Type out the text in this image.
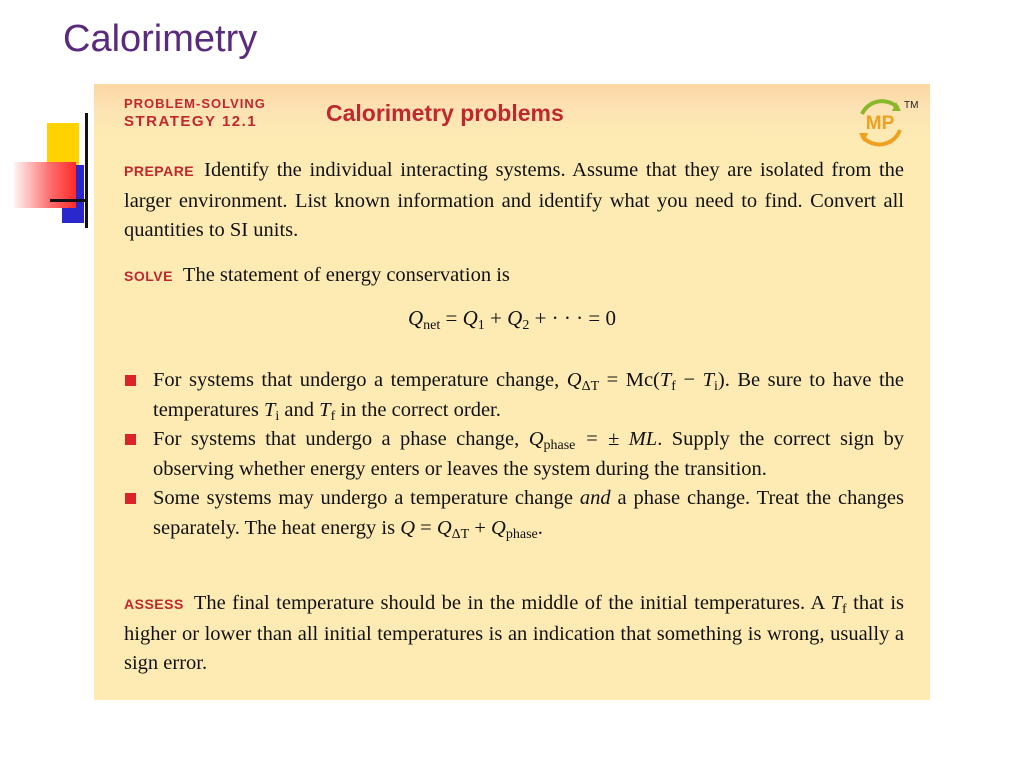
Calorimetry
PROBLEM-SOLVING
STRATEGY 12.1	Calorimetry problems	MP
TM
PREPARE Identify the individual interacting systems. Assume that they are isolated from the larger environment. List known information and identify what you need to find. Convert all quantities to SI units.
SOLVE The statement of energy conservation is
$Q_{net} = Q_1 + Q_2$ + · · · = 0
For systems that undergo a temperature change, $Q_{\Delta T} = Mc(T_f - T_i)$. Be sure to have the temperatures $T_i$ and $T_f$ in the correct order.
For systems that undergo a phase change, $Q_{phase}$ = ± ML. Supply the correct sign by observing whether energy enters or leaves the system during the transition.
Some systems may undergo a temperature change and a phase change. Treat the changes separately. The heat energy is $Q = Q_{\Delta T} + Q_{phase}$.
ASSESS The final temperature should be in the middle of the initial temperatures. A $T_f$ that is higher or lower than all initial temperatures is an indication that something is wrong, usually a sign error.
